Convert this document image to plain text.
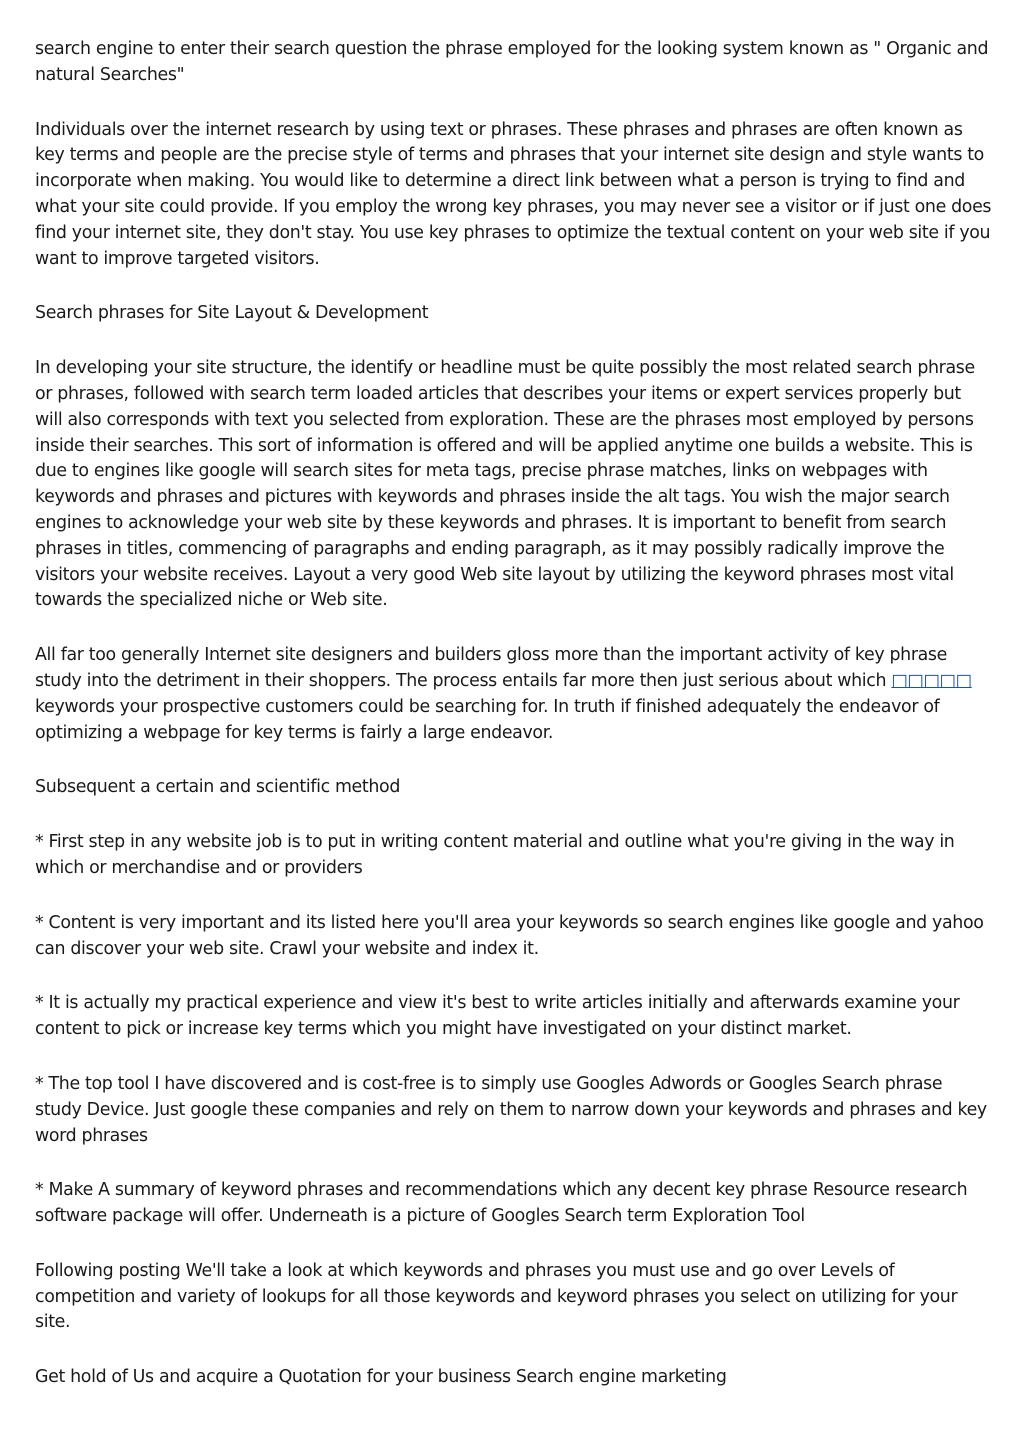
search engine to enter their search question the phrase employed for the looking system known as " Organic and natural Searches"

Individuals over the internet research by using text or phrases. These phrases and phrases are often known as key terms and people are the precise style of terms and phrases that your internet site design and style wants to incorporate when making. You would like to determine a direct link between what a person is trying to find and what your site could provide. If you employ the wrong key phrases, you may never see a visitor or if just one does find your internet site, they don't stay. You use key phrases to optimize the textual content on your web site if you want to improve targeted visitors.

Search phrases for Site Layout & Development

In developing your site structure, the identify or headline must be quite possibly the most related search phrase or phrases, followed with search term loaded articles that describes your items or expert services properly but will also corresponds with text you selected from exploration. These are the phrases most employed by persons inside their searches. This sort of information is offered and will be applied anytime one builds a website. This is due to engines like google will search sites for meta tags, precise phrase matches, links on webpages with keywords and phrases and pictures with keywords and phrases inside the alt tags. You wish the major search engines to acknowledge your web site by these keywords and phrases. It is important to benefit from search phrases in titles, commencing of paragraphs and ending paragraph, as it may possibly radically improve the visitors your website receives. Layout a very good Web site layout by utilizing the keyword phrases most vital towards the specialized niche or Web site.

All far too generally Internet site designers and builders gloss more than the important activity of key phrase study into the detriment in their shoppers. The process entails far more then just serious about which □□□□□ keywords your prospective customers could be searching for. In truth if finished adequately the endeavor of optimizing a webpage for key terms is fairly a large endeavor.

Subsequent a certain and scientific method

* First step in any website job is to put in writing content material and outline what you're giving in the way in which or merchandise and or providers

* Content is very important and its listed here you'll area your keywords so search engines like google and yahoo can discover your web site. Crawl your website and index it.

* It is actually my practical experience and view it's best to write articles initially and afterwards examine your content to pick or increase key terms which you might have investigated on your distinct market.

* The top tool I have discovered and is cost-free is to simply use Googles Adwords or Googles Search phrase study Device. Just google these companies and rely on them to narrow down your keywords and phrases and key word phrases

* Make A summary of keyword phrases and recommendations which any decent key phrase Resource research software package will offer. Underneath is a picture of Googles Search term Exploration Tool

Following posting We'll take a look at which keywords and phrases you must use and go over Levels of competition and variety of lookups for all those keywords and keyword phrases you select on utilizing for your site.

Get hold of Us and acquire a Quotation for your business Search engine marketing
